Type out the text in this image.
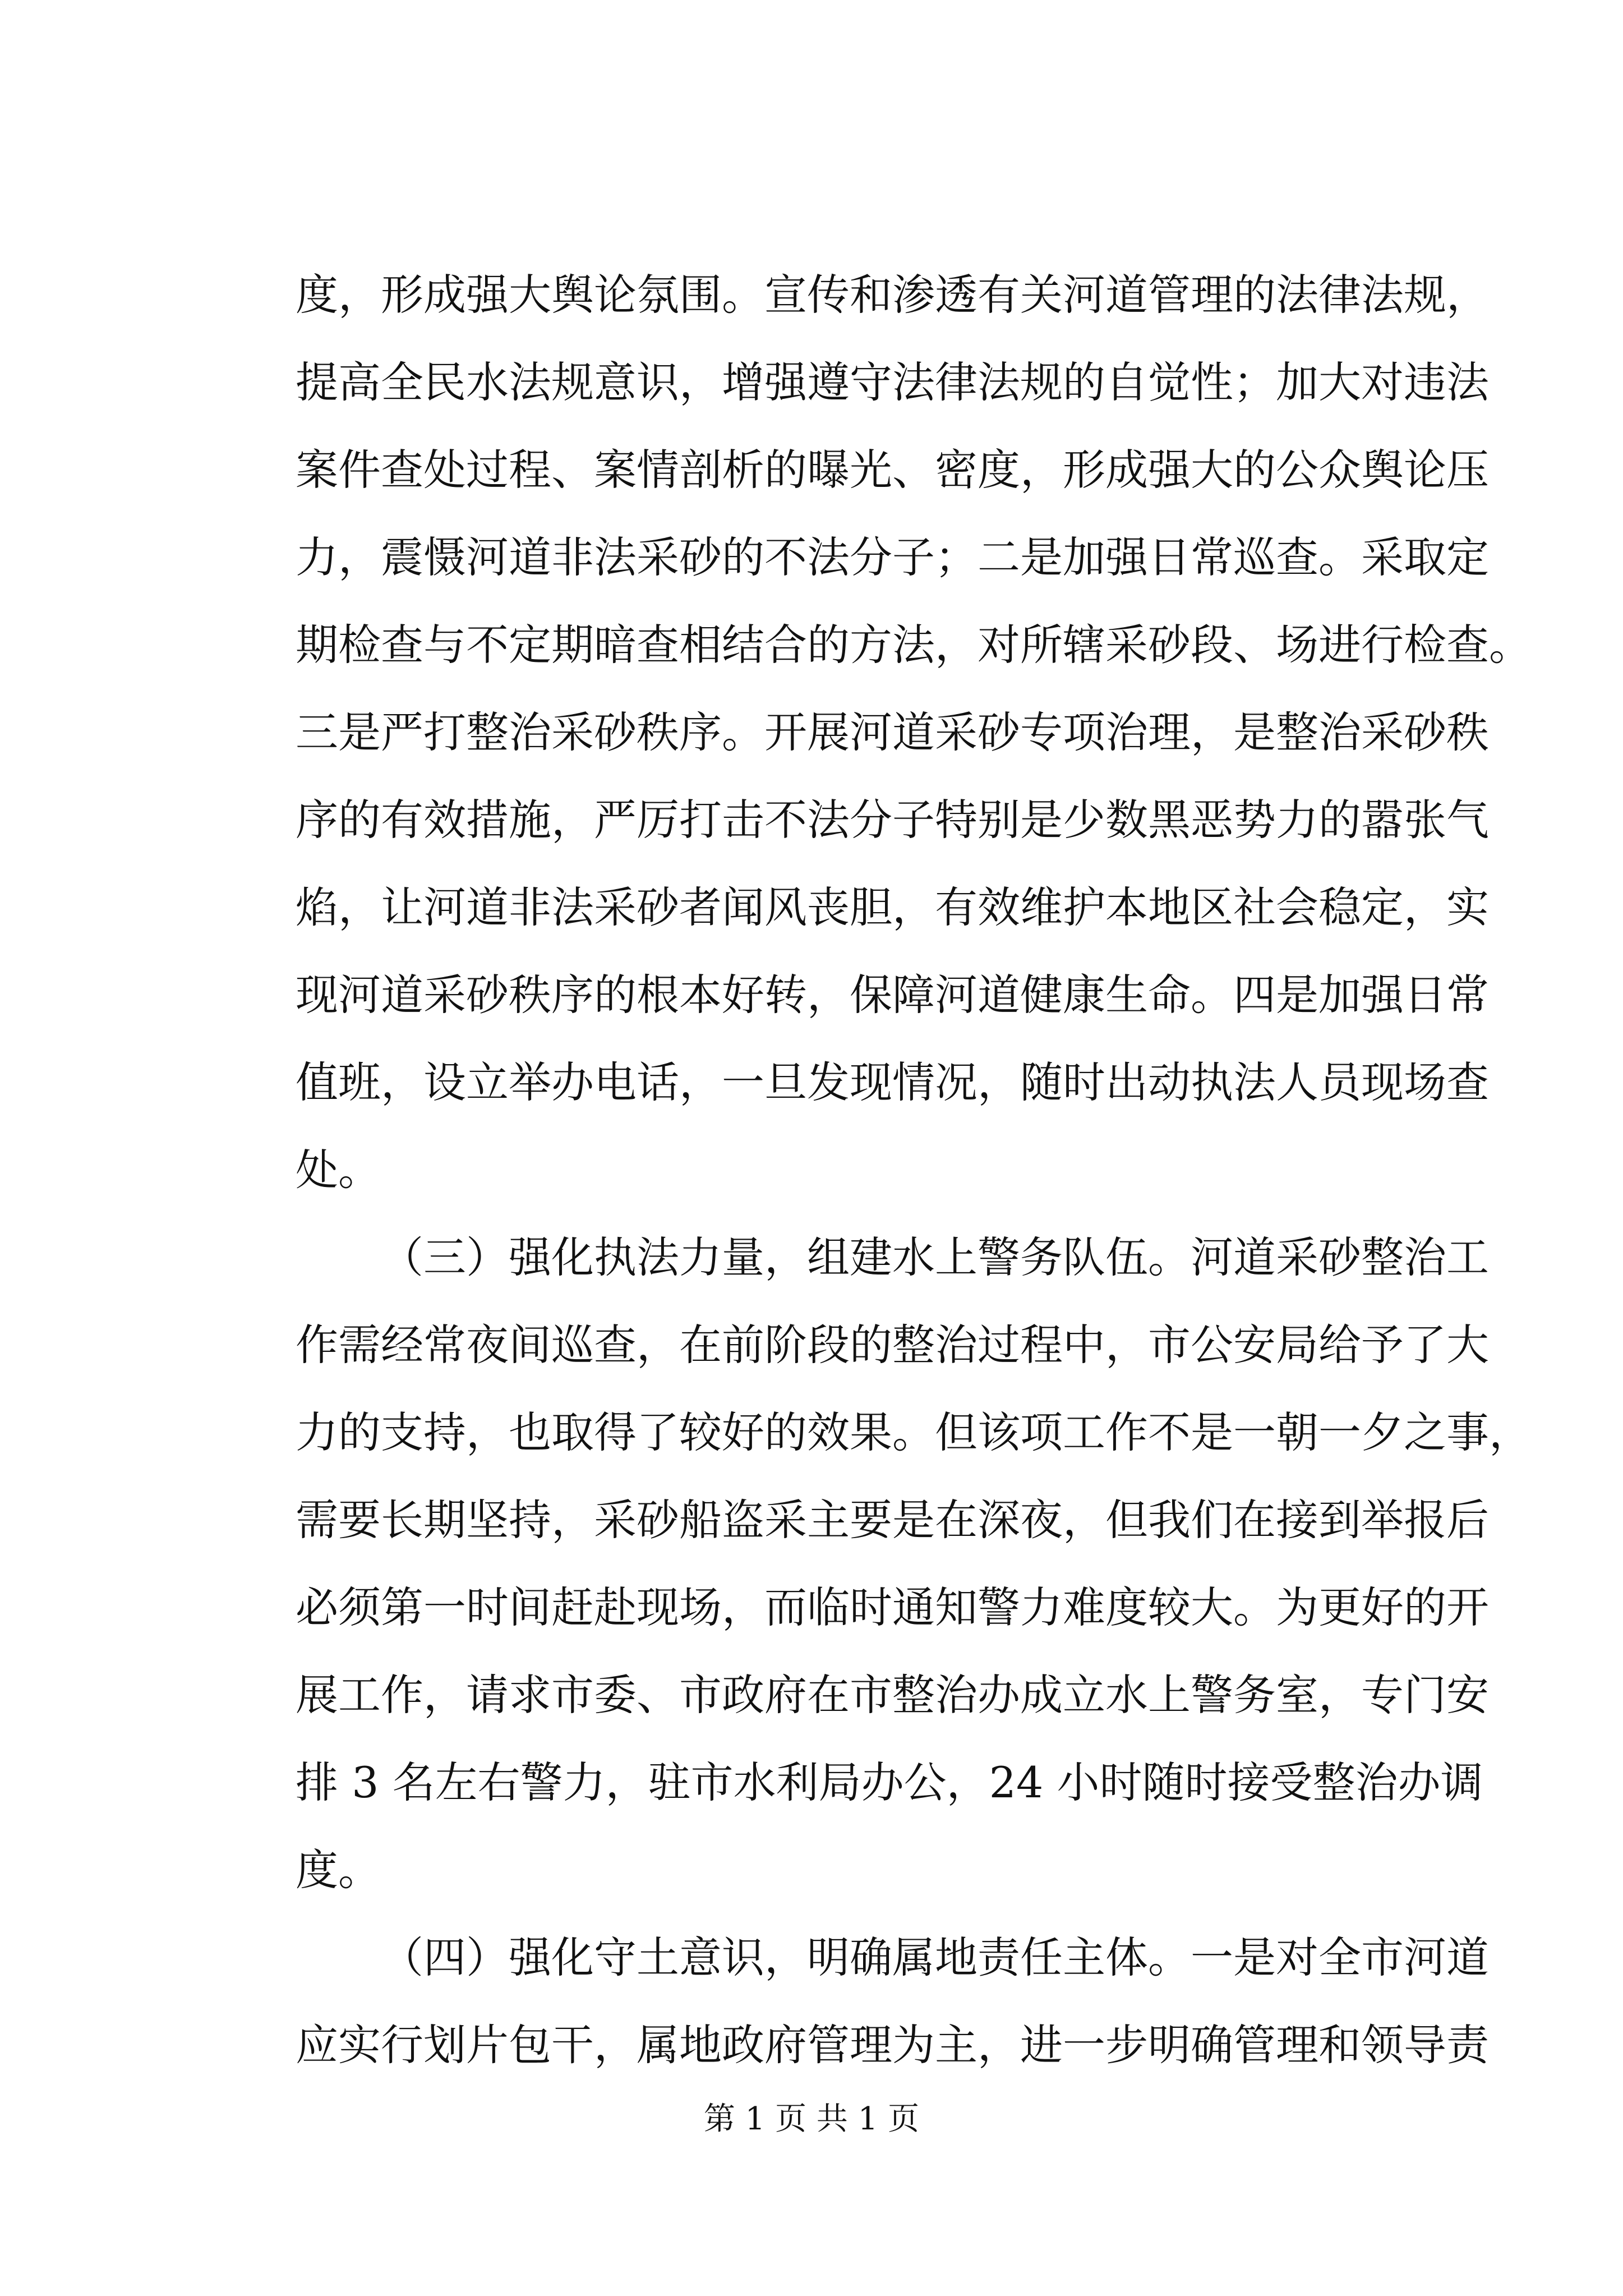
度，形成强大舆论氛围。宣传和渗透有关河道管理的法律法规，
提高全民水法规意识，增强遵守法律法规的自觉性；加大对违法
案件查处过程、案情剖析的曝光、密度，形成强大的公众舆论压
力，震慑河道非法采砂的不法分子；二是加强日常巡查。采取定
期检查与不定期暗查相结合的方法，对所辖采砂段、场进行检查。
三是严打整治采砂秩序。开展河道采砂专项治理，是整治采砂秩
序的有效措施，严厉打击不法分子特别是少数黑恶势力的嚣张气
焰，让河道非法采砂者闻风丧胆，有效维护本地区社会稳定，实
现河道采砂秩序的根本好转，保障河道健康生命。四是加强日常
值班，设立举办电话，一旦发现情况，随时出动执法人员现场查
处。
（三）强化执法力量，组建水上警务队伍。河道采砂整治工
作需经常夜间巡查，在前阶段的整治过程中，市公安局给予了大
力的支持，也取得了较好的效果。但该项工作不是一朝一夕之事，
需要长期坚持，采砂船盗采主要是在深夜，但我们在接到举报后
必须第一时间赶赴现场，而临时通知警力难度较大。为更好的开
展工作，请求市委、市政府在市整治办成立水上警务室，专门安
排 3 名左右警力，驻市水利局办公，24 小时随时接受整治办调
度。
（四）强化守土意识，明确属地责任主体。一是对全市河道
应实行划片包干，属地政府管理为主，进一步明确管理和领导责
第 1 页 共 1 页
